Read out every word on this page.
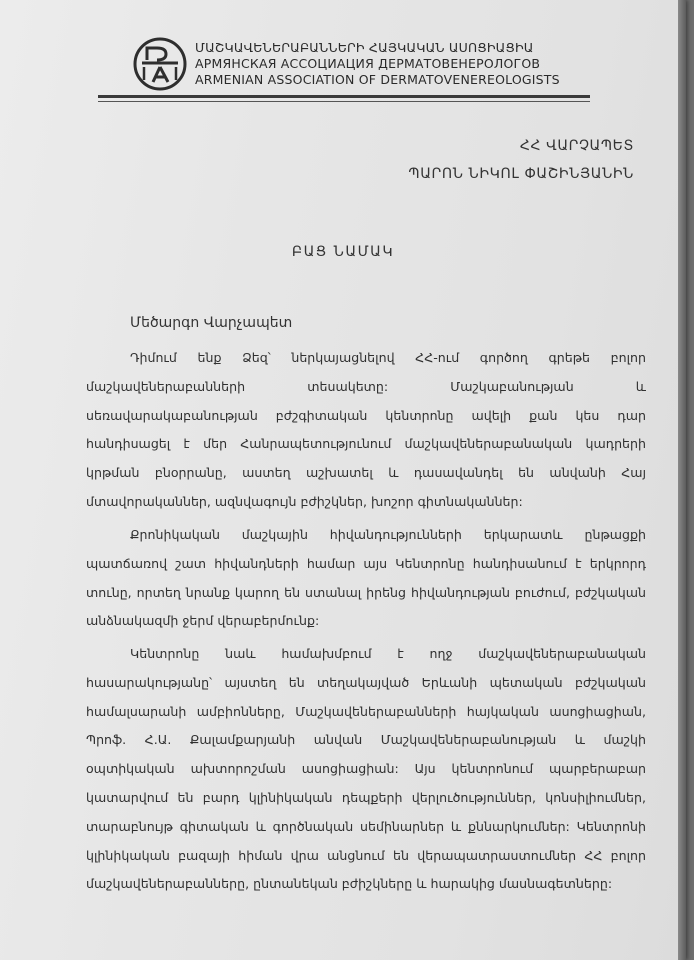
ՄԱՇԿԱՎԵՆԵՐԱԲԱՆՆԵՐԻ ՀԱՅԿԱԿԱՆ ԱՍՈՑԻԱՑԻԱ
АРМЯНСКАЯ АССОЦИАЦИЯ ДЕРМАТОВЕНЕРОЛОГОВ
ARMENIAN ASSOCIATION OF DERMATOVENEREOLOGISTS
ՀՀ ՎԱՐՉԱՊԵՏ
ՊԱՐՈՆ ՆԻԿՈԼ ՓԱՇԻՆՅԱՆԻՆ
ԲԱՑ ՆԱՄԱԿ
Մեծարգո Վարչապետ
Դիմում ենք Ձեզ՝ ներկայացնելով ՀՀ-ում գործող գրեթե բոլոր մաշկավեներաբանների տեսակետը: Մաշկաբանության և սեռավարակաբանության բժշգիտական կենտրոնը ավելի քան կես դար հանդիսացել է մեր Հանրապետությունում մաշկավեներաբանական կադրերի կրթման բնօրրանը, աստեղ աշխատել և դասավանդել են անվանի Հայ մտավորականներ, ազնվագույն բժիշկներ, խոշոր գիտնականներ:
Քրոնիկական մաշկային հիվանդությունների երկարատև ընթացքի պատճառով շատ հիվանդների համար այս Կենտրոնը հանդիսանում է երկրորդ տունը, որտեղ նրանք կարող են ստանալ իրենց հիվանդության բուժում, բժշկական անձնակազմի ջերմ վերաբերմունք:
Կենտրոնը նաև համախմբում է ողջ մաշկավեներաբանական հասարակությանը՝ այստեղ են տեղակայված Երևանի պետական բժշկական համալսարանի ամբիոնները, Մաշկավեներաբանների հայկական ասոցիացիան, Պրոֆ. Հ.Ա. Քալամքարյանի անվան Մաշկավեներաբանության և մաշկի օպտիկական ախտորոշման ասոցիացիան: Այս կենտրոնում պարբերաբար կատարվում են բարդ կլինիկական դեպքերի վերլուծություններ, կոնսիլիումներ, տարաբնույթ գիտական և գործնական սեմինարներ և քննարկումներ: Կենտրոնի կլինիկական բազայի հիման վրա անցնում են վերապատրաստումներ ՀՀ բոլոր մաշկավեներաբանները, ընտանեկան բժիշկները և հարակից մասնագետները:
